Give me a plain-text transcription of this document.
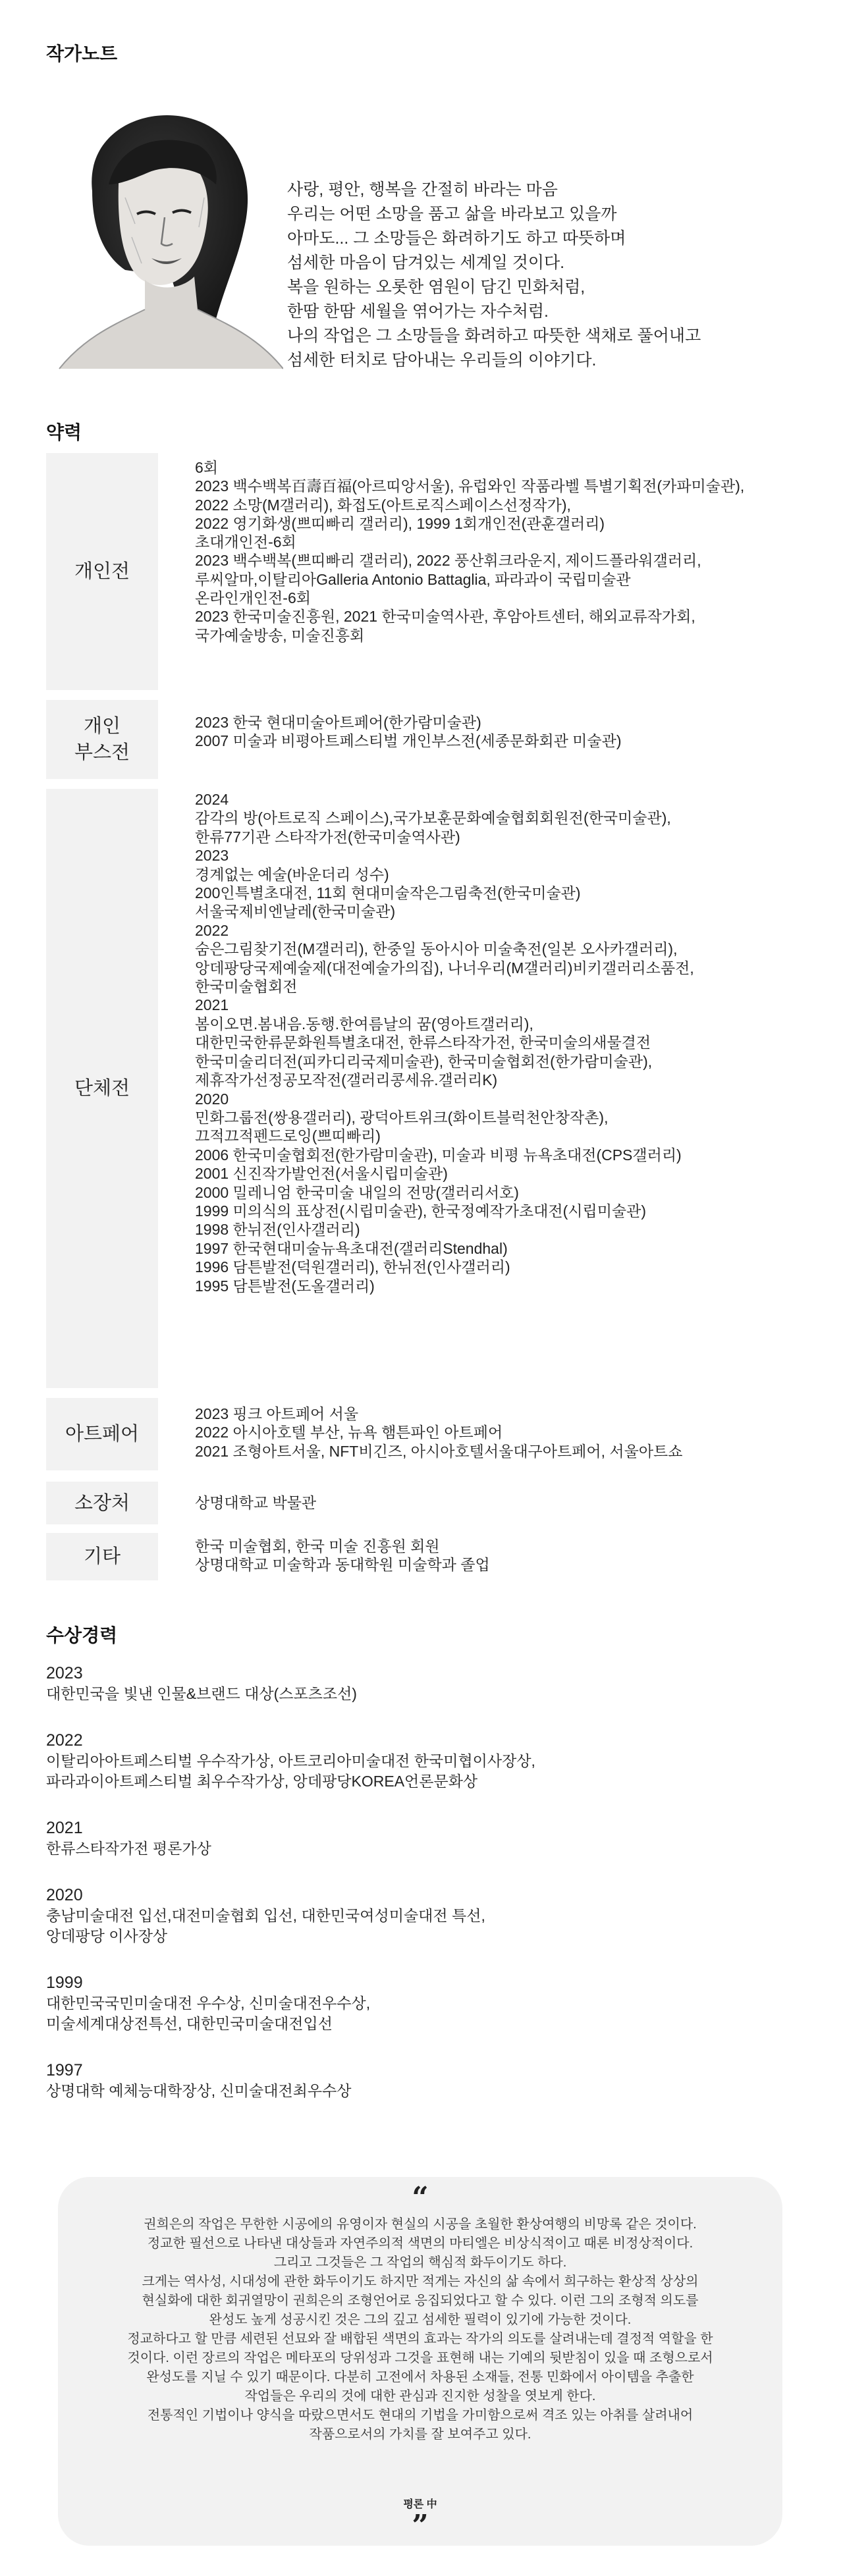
작가노트
사랑, 평안, 행복을 간절히 바라는 마음
우리는 어떤 소망을 품고 삶을 바라보고 있을까
아마도... 그 소망들은 화려하기도 하고 따뜻하며
섬세한 마음이 담겨있는 세계일 것이다.
복을 원하는 오롯한 염원이 담긴 민화처럼,
한땀 한땀 세월을 엮어가는 자수처럼.
나의 작업은 그 소망들을 화려하고 따뜻한 색채로 풀어내고
섬세한 터치로 담아내는 우리들의 이야기다.
약력
개인전
6회
2023 백수백복百壽百福(아르띠앙서울), 유럽와인 작품라벨 특별기획전(카파미술관),
2022 소망(M갤러리), 화접도(아트로직스페이스선정작가),
2022 영기화생(쁘띠빠리 갤러리), 1999 1회개인전(관훈갤러리)
초대개인전-6회
2023 백수백복(쁘띠빠리 갤러리), 2022 풍산휘크라운지, 제이드플라워갤러리,
루씨알마,이탈리아Galleria Antonio Battaglia, 파라과이 국립미술관
온라인개인전-6회
2023 한국미술진흥원, 2021 한국미술역사관, 후암아트센터, 해외교류작가회,
국가예술방송, 미술진흥회
개인
부스전
2023 한국 현대미술아트페어(한가람미술관)
2007 미술과 비평아트페스티벌 개인부스전(세종문화회관 미술관)
단체전
2024
감각의 방(아트로직 스페이스),국가보훈문화예술협회회원전(한국미술관),
한류77기관 스타작가전(한국미술역사관)
2023
경계없는 예술(바운더리 성수)
200인특별초대전, 11회 현대미술작은그림축전(한국미술관)
서울국제비엔날레(한국미술관)
2022
숨은그림찾기전(M갤러리), 한중일 동아시아 미술축전(일본 오사카갤러리),
앙데팡당국제예술제(대전예술가의집), 나너우리(M갤러리)비키갤러리소품전,
한국미술협회전
2021
봄이오면.봄내음.동행.한여름날의 꿈(영아트갤러리),
대한민국한류문화원특별초대전, 한류스타작가전, 한국미술의새물결전
한국미술리더전(피카디리국제미술관), 한국미술협회전(한가람미술관),
제휴작가선정공모작전(갤러리콩세유.갤러리K)
2020
민화그룹전(쌍용갤러리), 광덕아트위크(화이트블럭천안창작촌),
끄적끄적펜드로잉(쁘띠빠리)
2006 한국미술협회전(한가람미술관), 미술과 비평 뉴욕초대전(CPS갤러리)
2001 신진작가발언전(서울시립미술관)
2000 밀레니엄 한국미술 내일의 전망(갤러리서호)
1999 미의식의 표상전(시립미술관), 한국정예작가초대전(시립미술관)
1998 한뉘전(인사갤러리)
1997 한국현대미술뉴욕초대전(갤러리Stendhal)
1996 담튼발전(덕원갤러리), 한뉘전(인사갤러리)
1995 담튼발전(도올갤러리)
아트페어
2023 핑크 아트페어 서울
2022 아시아호텔 부산, 뉴욕 햄튼파인 아트페어
2021 조형아트서울, NFT비긴즈, 아시아호텔서울대구아트페어, 서울아트쇼
소장처	상명대학교 박물관
기타	한국 미술협회, 한국 미술 진흥원 회원
상명대학교 미술학과 동대학원 미술학과 졸업
수상경력
2023
대한민국을 빛낸 인물&브랜드 대상(스포츠조선)
2022
이탈리아아트페스티벌 우수작가상, 아트코리아미술대전 한국미협이사장상,
파라과이아트페스티벌 최우수작가상, 앙데팡당KOREA언론문화상
2021
한류스타작가전 평론가상
2020
충남미술대전 입선,대전미술협회 입선, 대한민국여성미술대전 특선,
앙데팡당 이사장상
1999
대한민국국민미술대전 우수상, 신미술대전우수상,
미술세계대상전특선, 대한민국미술대전입선
1997
상명대학 예체능대학장상, 신미술대전최우수상
“
권희은의 작업은 무한한 시공에의 유영이자 현실의 시공을 초월한 환상여행의 비망록 같은 것이다.
정교한 필선으로 나타낸 대상들과 자연주의적 색면의 마티엘은 비상식적이고 때론 비정상적이다.
그리고 그것들은 그 작업의 핵심적 화두이기도 하다.
크게는 역사성, 시대성에 관한 화두이기도 하지만 적게는 자신의 삶 속에서 희구하는 환상적 상상의
현실화에 대한 회귀열망이 권희은의 조형언어로 응집되었다고 할 수 있다. 이런 그의 조형적 의도를
완성도 높게 성공시킨 것은 그의 깊고 섬세한 필력이 있기에 가능한 것이다.
정교하다고 할 만큼 세련된 선묘와 잘 배합된 색면의 효과는 작가의 의도를 살려내는데 결정적 역할을 한
것이다. 이런 장르의 작업은 메타포의 당위성과 그것을 표현해 내는 기예의 뒷받침이 있을 때 조형으로서
완성도를 지닐 수 있기 때문이다. 다분히 고전에서 차용된 소재들, 전통 민화에서 아이템을 추출한
작업들은 우리의 것에 대한 관심과 진지한 성찰을 엿보게 한다.
전통적인 기법이나 양식을 따랐으면서도 현대의 기법을 가미함으로써 격조 있는 아취를 살려내어
작품으로서의 가치를 잘 보여주고 있다.
평론 中
”
